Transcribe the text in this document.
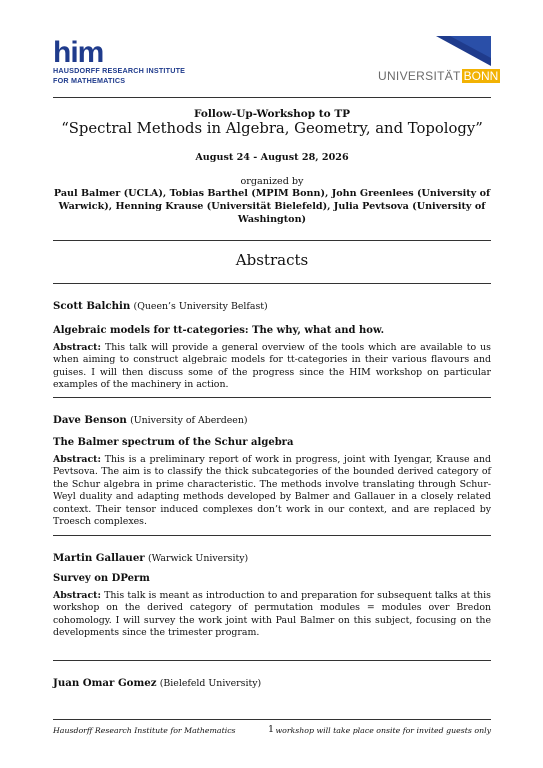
him
HAUSDORFF RESEARCH INSTITUTE
FOR MATHEMATICS	UNIVERSITÄT BONN
Follow-Up-Workshop to TP
“Spectral Methods in Algebra, Geometry, and Topology”
August 24 - August 28, 2026
organized by
Paul Balmer (UCLA), Tobias Barthel (MPIM Bonn), John Greenlees (University of Warwick), Henning Krause (Universität Bielefeld), Julia Pevtsova (University of Washington)
Abstracts
Scott Balchin (Queen’s University Belfast)
Algebraic models for tt-categories: The why, what and how.
Abstract: This talk will provide a general overview of the tools which are available to us when aiming to construct algebraic models for tt-categories in their various flavours and guises. I will then discuss some of the progress since the HIM workshop on particular examples of the machinery in action.
Dave Benson (University of Aberdeen)
The Balmer spectrum of the Schur algebra
Abstract: This is a preliminary report of work in progress, joint with Iyengar, Krause and Pevtsova. The aim is to classify the thick subcategories of the bounded derived category of the Schur algebra in prime characteristic. The methods involve translating through Schur-Weyl duality and adapting methods developed by Balmer and Gallauer in a closely related context. Their tensor induced complexes don’t work in our context, and are replaced by Troesch complexes.
Martin Gallauer (Warwick University)
Survey on DPerm
Abstract: This talk is meant as introduction to and preparation for subsequent talks at this workshop on the derived category of permutation modules = modules over Bredon cohomology. I will survey the work joint with Paul Balmer on this subject, focusing on the developments since the trimester program.
Juan Omar Gomez (Bielefeld University)
Hausdorff Research Institute for Mathematics	1 workshop will take place onsite for invited guests only
